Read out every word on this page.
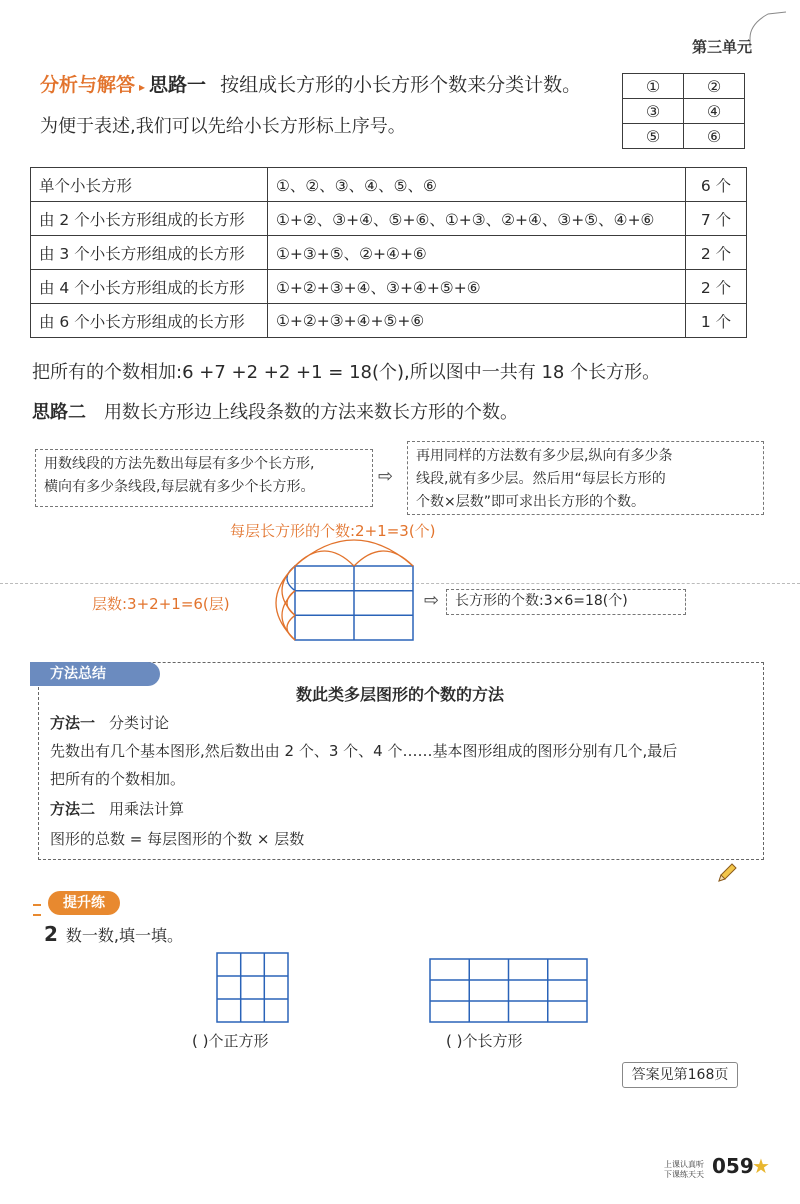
第三单元
分析与解答 ▸ 思路一 按组成长方形的小长方形个数来分类计数。
为便于表述,我们可以先给小长方形标上序号。
①	②
③	④
⑤	⑥
单个小长方形	①、②、③、④、⑤、⑥	6 个
由 2 个小长方形组成的长方形	①+②、③+④、⑤+⑥、①+③、②+④、③+⑤、④+⑥	7 个
由 3 个小长方形组成的长方形	①+③+⑤、②+④+⑥	2 个
由 4 个小长方形组成的长方形	①+②+③+④、③+④+⑤+⑥	2 个
由 6 个小长方形组成的长方形	①+②+③+④+⑤+⑥	1 个
把所有的个数相加:6 +7 +2 +2 +1 = 18(个),所以图中一共有 18 个长方形。
思路二 用数长方形边上线段条数的方法来数长方形的个数。
用数线段的方法先数出每层有多少个长方形,
横向有多少条线段,每层就有多少个长方形。	⇨
再用同样的方法数有多少层,纵向有多少条
线段,就有多少层。然后用“每层长方形的
个数×层数”即可求出长方形的个数。
每层长方形的个数:2+1=3(个)
层数:3+2+1=6(层)	⇨	长方形的个数:3×6=18(个)
方法总结
数此类多层图形的个数的方法
方法一 分类讨论
先数出有几个基本图形,然后数出由 2 个、3 个、4 个……基本图形组成的图形分别有几个,最后
把所有的个数相加。
方法二 用乘法计算
图形的总数 = 每层图形的个数 × 层数
提升练
2 数一数,填一填。
( )个正方形	( )个长方形
答案见第168页
上课认真听
下课练天天 059
★
